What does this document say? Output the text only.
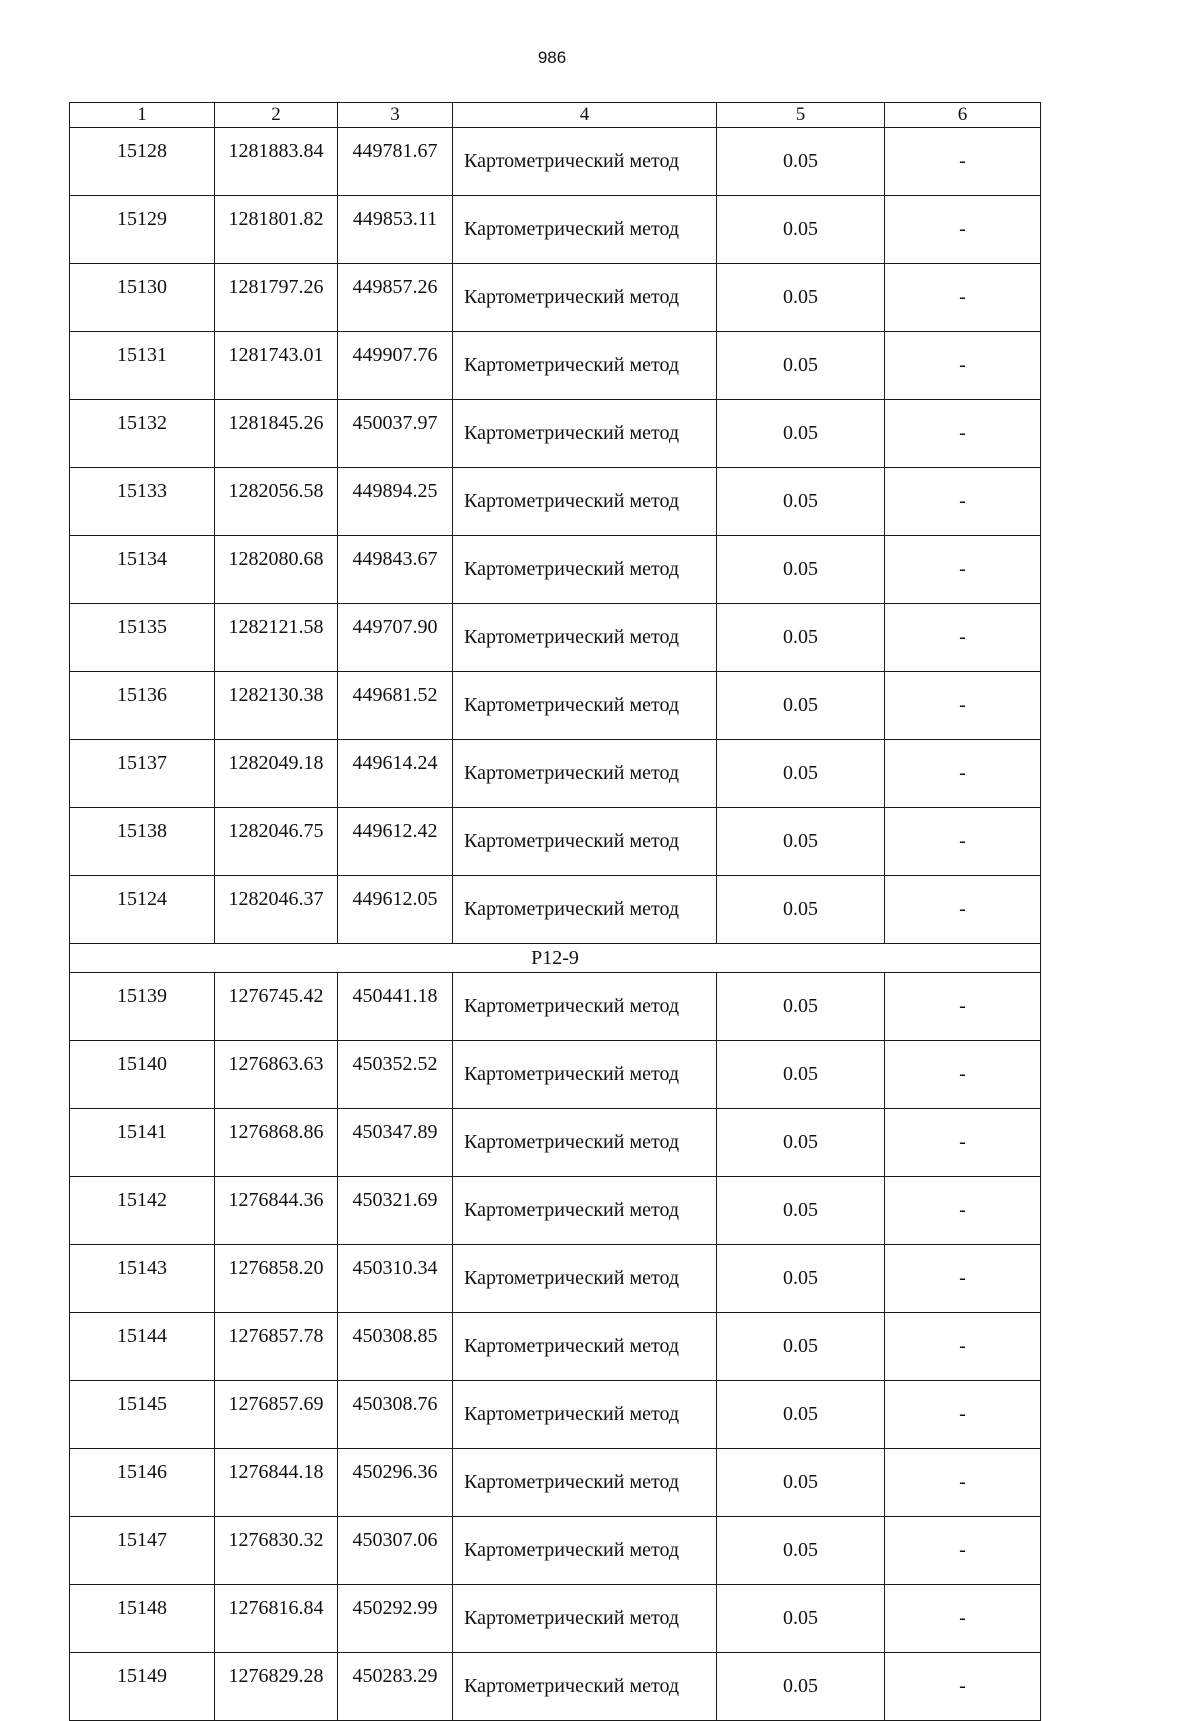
986
1	2	3	4	5	6
15128	1281883.84	449781.67	Картометрический метод	0.05	-
15129	1281801.82	449853.11	Картометрический метод	0.05	-
15130	1281797.26	449857.26	Картометрический метод	0.05	-
15131	1281743.01	449907.76	Картометрический метод	0.05	-
15132	1281845.26	450037.97	Картометрический метод	0.05	-
15133	1282056.58	449894.25	Картометрический метод	0.05	-
15134	1282080.68	449843.67	Картометрический метод	0.05	-
15135	1282121.58	449707.90	Картометрический метод	0.05	-
15136	1282130.38	449681.52	Картометрический метод	0.05	-
15137	1282049.18	449614.24	Картометрический метод	0.05	-
15138	1282046.75	449612.42	Картометрический метод	0.05	-
15124	1282046.37	449612.05	Картометрический метод	0.05	-
Р12-9					
15139	1276745.42	450441.18	Картометрический метод	0.05	-
15140	1276863.63	450352.52	Картометрический метод	0.05	-
15141	1276868.86	450347.89	Картометрический метод	0.05	-
15142	1276844.36	450321.69	Картометрический метод	0.05	-
15143	1276858.20	450310.34	Картометрический метод	0.05	-
15144	1276857.78	450308.85	Картометрический метод	0.05	-
15145	1276857.69	450308.76	Картометрический метод	0.05	-
15146	1276844.18	450296.36	Картометрический метод	0.05	-
15147	1276830.32	450307.06	Картометрический метод	0.05	-
15148	1276816.84	450292.99	Картометрический метод	0.05	-
15149	1276829.28	450283.29	Картометрический метод	0.05	-
